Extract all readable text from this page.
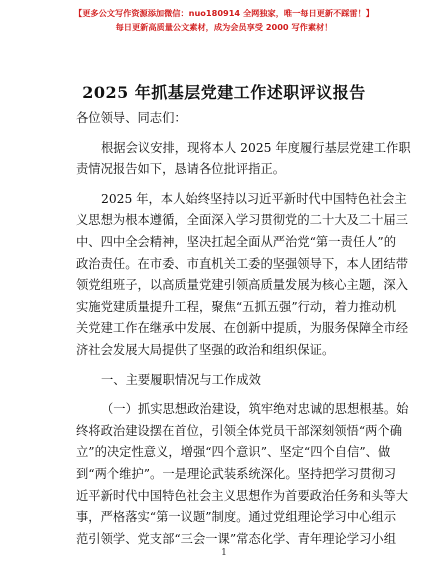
【更多公文写作资源添加微信：nuo180914 全网独家，唯一每日更新不踩雷！】
每日更新高质量公文素材，成为会员享受 2000 写作素材！
2025 年抓基层党建工作述职评议报告
各位领导、同志们：
根据会议安排，现将本人 2025 年度履行基层党建工作职
责情况报告如下，恳请各位批评指正。
2025 年，本人始终坚持以习近平新时代中国特色社会主
义思想为根本遵循，全面深入学习贯彻党的二十大及二十届三
中、四中全会精神，坚决扛起全面从严治党“第一责任人”的
政治责任。在市委、市直机关工委的坚强领导下，本人团结带
领党组班子，以高质量党建引领高质量发展为核心主题，深入
实施党建质量提升工程，聚焦“五抓五强”行动，着力推动机
关党建工作在继承中发展、在创新中提质，为服务保障全市经
济社会发展大局提供了坚强的政治和组织保证。
一、主要履职情况与工作成效
（一）抓实思想政治建设，筑牢绝对忠诚的思想根基。始
终将政治建设摆在首位，引领全体党员干部深刻领悟“两个确
立”的决定性意义，增强“四个意识”、坚定“四个自信”、做
到“两个维护”。一是理论武装系统深化。坚持把学习贯彻习
近平新时代中国特色社会主义思想作为首要政治任务和头等大
事，严格落实“第一议题”制度。通过党组理论学习中心组示
范引领学、党支部“三会一课”常态化学、青年理论学习小组
1
